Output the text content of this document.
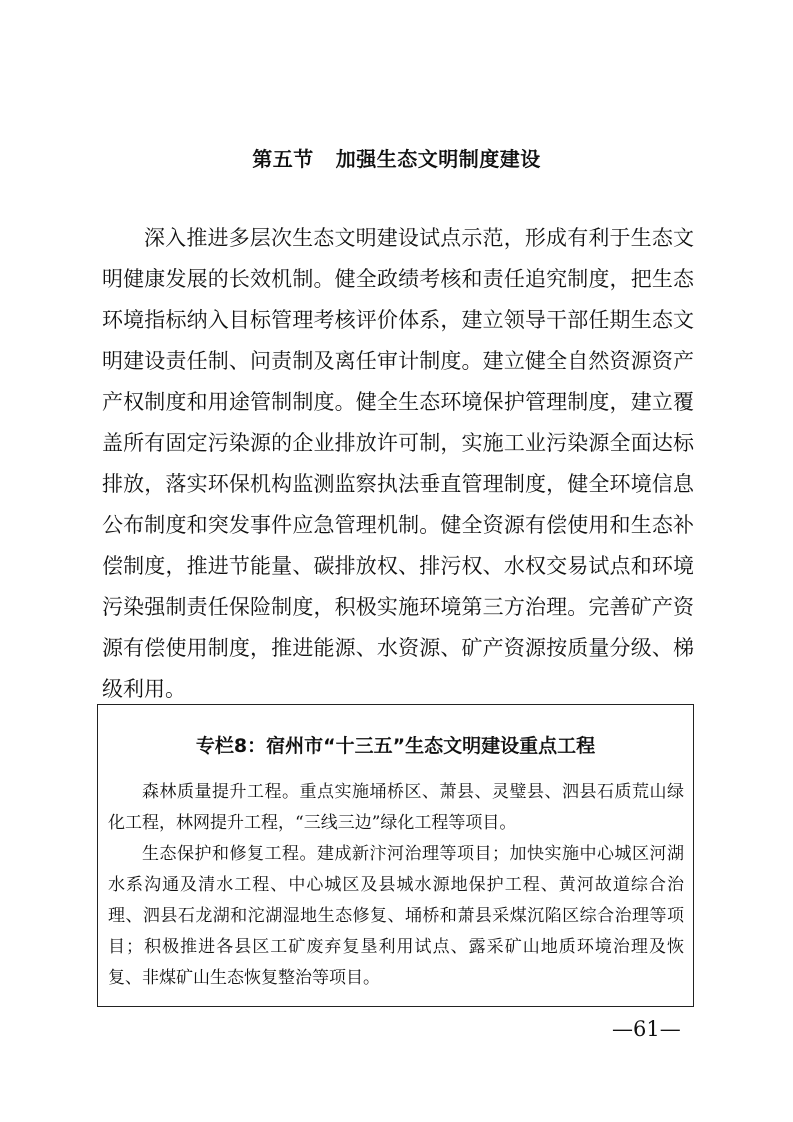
第五节 加强生态文明制度建设

深入推进多层次生态文明建设试点示范，形成有利于生态文明健康发展的长效机制。健全政绩考核和责任追究制度，把生态环境指标纳入目标管理考核评价体系，建立领导干部任期生态文明建设责任制、问责制及离任审计制度。建立健全自然资源资产产权制度和用途管制制度。健全生态环境保护管理制度，建立覆盖所有固定污染源的企业排放许可制，实施工业污染源全面达标排放，落实环保机构监测监察执法垂直管理制度，健全环境信息公布制度和突发事件应急管理机制。健全资源有偿使用和生态补偿制度，推进节能量、碳排放权、排污权、水权交易试点和环境污染强制责任保险制度，积极实施环境第三方治理。完善矿产资源有偿使用制度，推进能源、水资源、矿产资源按质量分级、梯级利用。

专栏8：宿州市“十三五”生态文明建设重点工程

森林质量提升工程。重点实施埇桥区、萧县、灵璧县、泗县石质荒山绿化工程，林网提升工程，“三线三边”绿化工程等项目。

生态保护和修复工程。建成新汴河治理等项目；加快实施中心城区河湖水系沟通及清水工程、中心城区及县城水源地保护工程、黄河故道综合治理、泗县石龙湖和沱湖湿地生态修复、埇桥和萧县采煤沉陷区综合治理等项目；积极推进各县区工矿废弃复垦利用试点、露采矿山地质环境治理及恢复、非煤矿山生态恢复整治等项目。

—61—
